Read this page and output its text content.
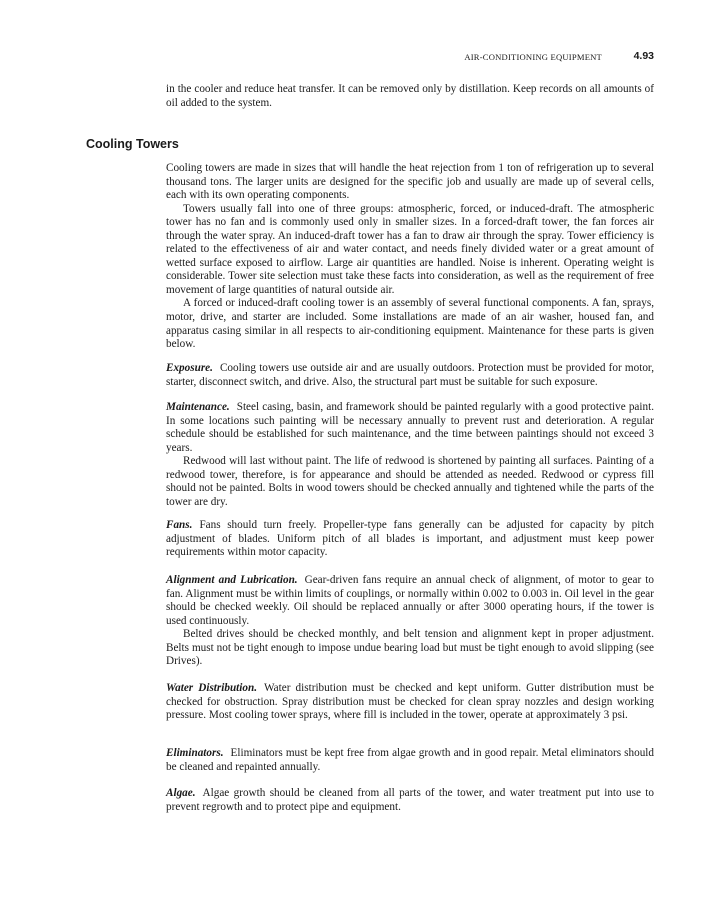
AIR-CONDITIONING EQUIPMENT	4.93

in the cooler and reduce heat transfer. It can be removed only by distillation. Keep records on all amounts of oil added to the system.

Cooling Towers

Cooling towers are made in sizes that will handle the heat rejection from 1 ton of refrigeration up to several thousand tons. The larger units are designed for the specific job and usually are made up of several cells, each with its own operating components.

Towers usually fall into one of three groups: atmospheric, forced, or induced-draft. The atmospheric tower has no fan and is commonly used only in smaller sizes. In a forced-draft tower, the fan forces air through the water spray. An induced-draft tower has a fan to draw air through the spray. Tower efficiency is related to the effectiveness of air and water contact, and needs finely divided water or a great amount of wetted surface exposed to airflow. Large air quantities are handled. Noise is inherent. Operating weight is considerable. Tower site selection must take these facts into consideration, as well as the requirement of free movement of large quantities of natural outside air.

A forced or induced-draft cooling tower is an assembly of several functional components. A fan, sprays, motor, drive, and starter are included. Some installations are made of an air washer, housed fan, and apparatus casing similar in all respects to air-conditioning equipment. Maintenance for these parts is given below.

Exposure. Cooling towers use outside air and are usually outdoors. Protection must be provided for motor, starter, disconnect switch, and drive. Also, the structural part must be suitable for such exposure.

Maintenance. Steel casing, basin, and framework should be painted regularly with a good protective paint. In some locations such painting will be necessary annually to prevent rust and deterioration. A regular schedule should be established for such maintenance, and the time between paintings should not exceed 3 years.

Redwood will last without paint. The life of redwood is shortened by painting all surfaces. Painting of a redwood tower, therefore, is for appearance and should be attended as needed. Redwood or cypress fill should not be painted. Bolts in wood towers should be checked annually and tightened while the parts of the tower are dry.

Fans. Fans should turn freely. Propeller-type fans generally can be adjusted for capacity by pitch adjustment of blades. Uniform pitch of all blades is important, and adjustment must keep power requirements within motor capacity.

Alignment and Lubrication. Gear-driven fans require an annual check of alignment, of motor to gear to fan. Alignment must be within limits of couplings, or normally within 0.002 to 0.003 in. Oil level in the gear should be checked weekly. Oil should be replaced annually or after 3000 operating hours, if the tower is used continuously.

Belted drives should be checked monthly, and belt tension and alignment kept in proper adjustment. Belts must not be tight enough to impose undue bearing load but must be tight enough to avoid slipping (see Drives).

Water Distribution. Water distribution must be checked and kept uniform. Gutter distribution must be checked for obstruction. Spray distribution must be checked for clean spray nozzles and design working pressure. Most cooling tower sprays, where fill is included in the tower, operate at approximately 3 psi.

Eliminators. Eliminators must be kept free from algae growth and in good repair. Metal eliminators should be cleaned and repainted annually.

Algae. Algae growth should be cleaned from all parts of the tower, and water treatment put into use to prevent regrowth and to protect pipe and equipment.
